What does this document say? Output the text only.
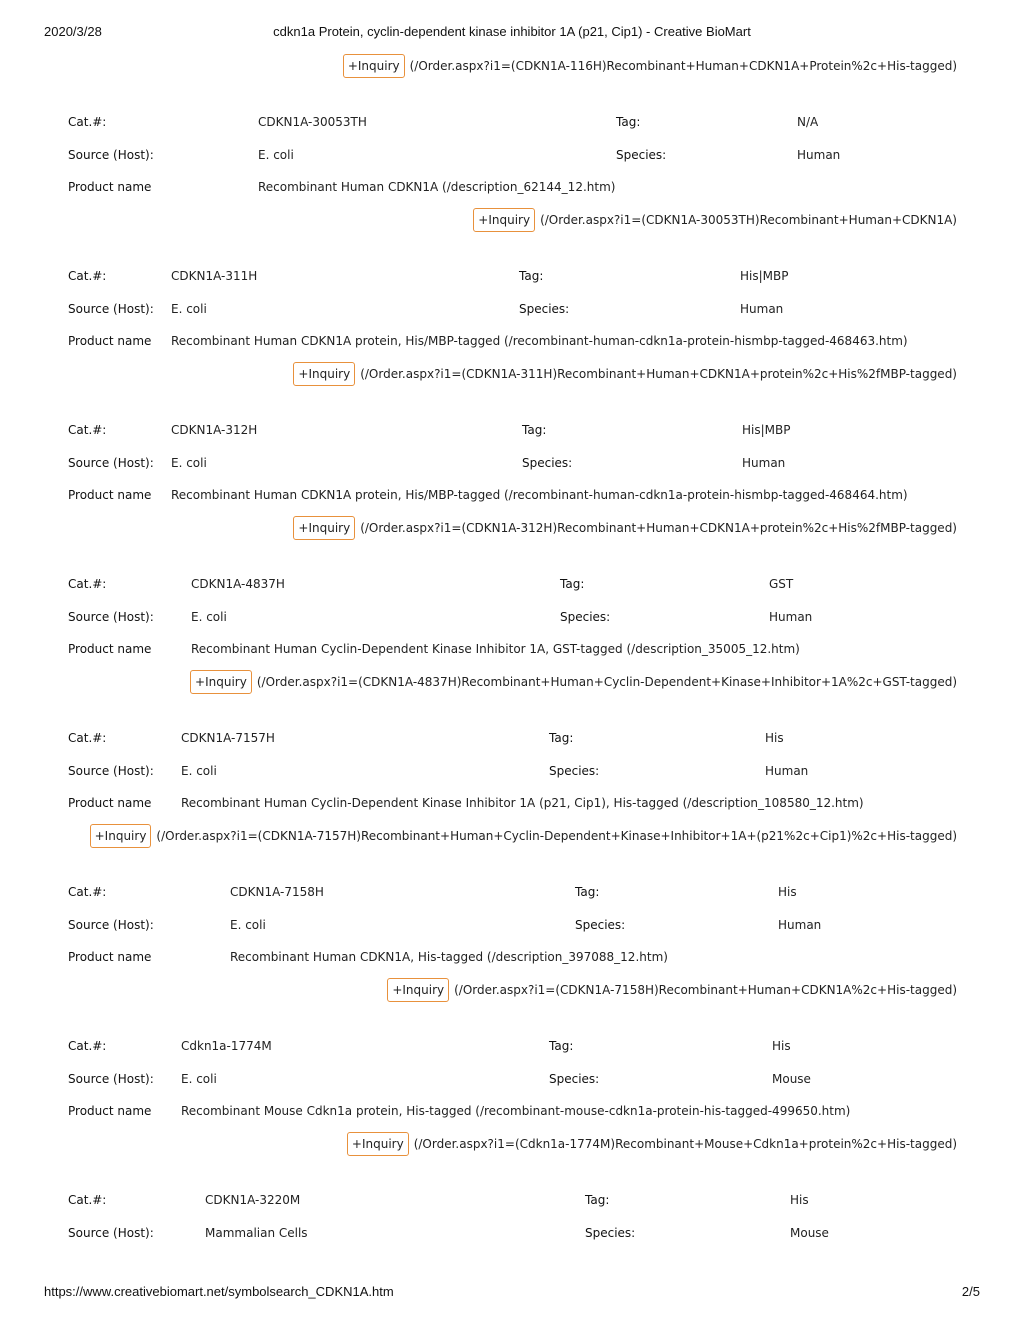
2020/3/28	cdkn1a Protein, cyclin-dependent kinase inhibitor 1A (p21, Cip1) - Creative BioMart
+Inquiry (/Order.aspx?i1=(CDKN1A-116H)Recombinant+Human+CDKN1A+Protein%2c+His-tagged)
Cat.#:	CDKN1A-30053TH	Tag:	N/A
Source (Host):	E. coli	Species:	Human
Product name	Recombinant Human CDKN1A (/description_62144_12.htm)
+Inquiry (/Order.aspx?i1=(CDKN1A-30053TH)Recombinant+Human+CDKN1A)
Cat.#:	CDKN1A-311H	Tag:	His|MBP
Source (Host): E. coli	Species:	Human
Product name Recombinant Human CDKN1A protein, His/MBP-tagged (/recombinant-human-cdkn1a-protein-hismbp-tagged-468463.htm)
+Inquiry (/Order.aspx?i1=(CDKN1A-311H)Recombinant+Human+CDKN1A+protein%2c+His%2fMBP-tagged)
Cat.#:	CDKN1A-312H	Tag:	His|MBP
Source (Host): E. coli	Species:	Human
Product name Recombinant Human CDKN1A protein, His/MBP-tagged (/recombinant-human-cdkn1a-protein-hismbp-tagged-468464.htm)
+Inquiry (/Order.aspx?i1=(CDKN1A-312H)Recombinant+Human+CDKN1A+protein%2c+His%2fMBP-tagged)
Cat.#:	CDKN1A-4837H	Tag:	GST
Source (Host):	E. coli	Species:	Human
Product name	Recombinant Human Cyclin-Dependent Kinase Inhibitor 1A, GST-tagged (/description_35005_12.htm)
+Inquiry (/Order.aspx?i1=(CDKN1A-4837H)Recombinant+Human+Cyclin-Dependent+Kinase+Inhibitor+1A%2c+GST-tagged)
Cat.#:	CDKN1A-7157H	Tag:	His
Source (Host): E. coli	Species:	Human
Product name Recombinant Human Cyclin-Dependent Kinase Inhibitor 1A (p21, Cip1), His-tagged (/description_108580_12.htm)
+Inquiry (/Order.aspx?i1=(CDKN1A-7157H)Recombinant+Human+Cyclin-Dependent+Kinase+Inhibitor+1A+(p21%2c+Cip1)%2c+His-tagged)
Cat.#:	CDKN1A-7158H	Tag:	His
Source (Host):	E. coli	Species:	Human
Product name	Recombinant Human CDKN1A, His-tagged (/description_397088_12.htm)
+Inquiry (/Order.aspx?i1=(CDKN1A-7158H)Recombinant+Human+CDKN1A%2c+His-tagged)
Cat.#:	Cdkn1a-1774M	Tag:	His
Source (Host): E. coli	Species:	Mouse
Product name Recombinant Mouse Cdkn1a protein, His-tagged (/recombinant-mouse-cdkn1a-protein-his-tagged-499650.htm)
+Inquiry (/Order.aspx?i1=(Cdkn1a-1774M)Recombinant+Mouse+Cdkn1a+protein%2c+His-tagged)
Cat.#:	CDKN1A-3220M	Tag:	His
Source (Host):	Mammalian Cells	Species:	Mouse
https://www.creativebiomart.net/symbolsearch_CDKN1A.htm	2/5
